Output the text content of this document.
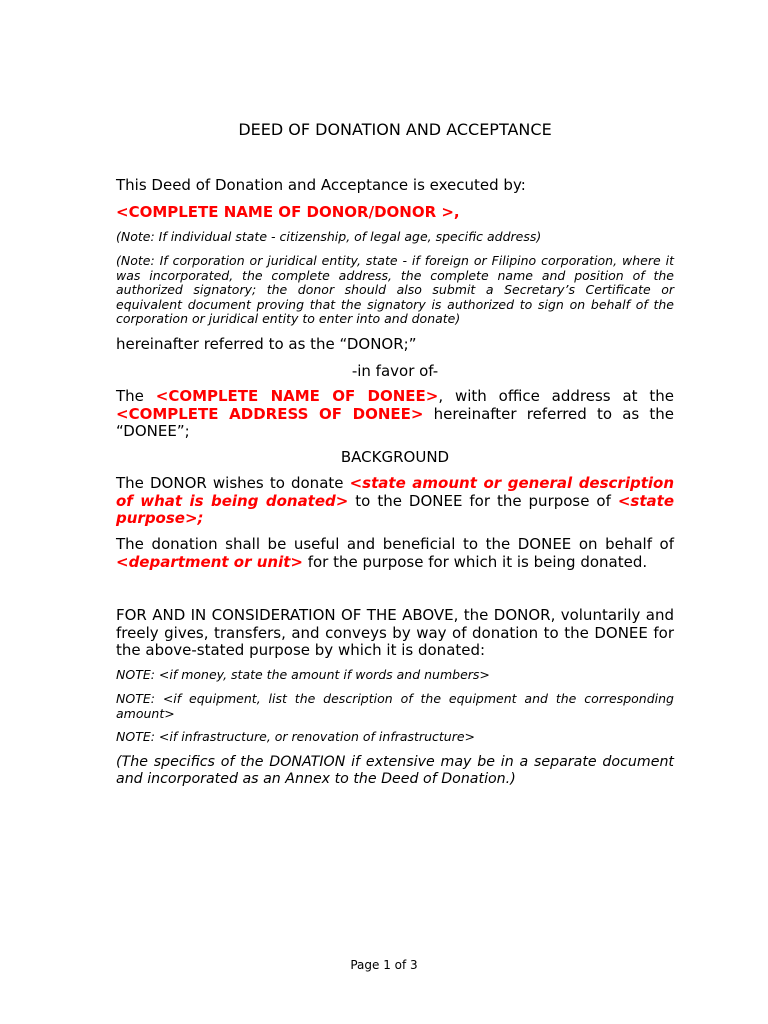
DEED OF DONATION AND ACCEPTANCE

This Deed of Donation and Acceptance is executed by:

<COMPLETE NAME OF DONOR/DONOR >,

(Note: If individual state - citizenship, of legal age, specific address)

(Note: If corporation or juridical entity, state - if foreign or Filipino corporation, where it was incorporated, the complete address, the complete name and position of the authorized signatory; the donor should also submit a Secretary’s Certificate or equivalent document proving that the signatory is authorized to sign on behalf of the corporation or juridical entity to enter into and donate)

hereinafter referred to as the “DONOR;”

-in favor of-

The <COMPLETE NAME OF DONEE>, with office address at the <COMPLETE ADDRESS OF DONEE> hereinafter referred to as the “DONEE”;

BACKGROUND

The DONOR wishes to donate <state amount or general description of what is being donated> to the DONEE for the purpose of <state purpose>;

The donation shall be useful and beneficial to the DONEE on behalf of <department or unit> for the purpose for which it is being donated.

FOR AND IN CONSIDERATION OF THE ABOVE, the DONOR, voluntarily and freely gives, transfers, and conveys by way of donation to the DONEE for the above-stated purpose by which it is donated:

NOTE: <if money, state the amount if words and numbers>

NOTE: <if equipment, list the description of the equipment and the corresponding amount>

NOTE: <if infrastructure, or renovation of infrastructure>

(The specifics of the DONATION if extensive may be in a separate document and incorporated as an Annex to the Deed of Donation.)

Page 1 of 3
